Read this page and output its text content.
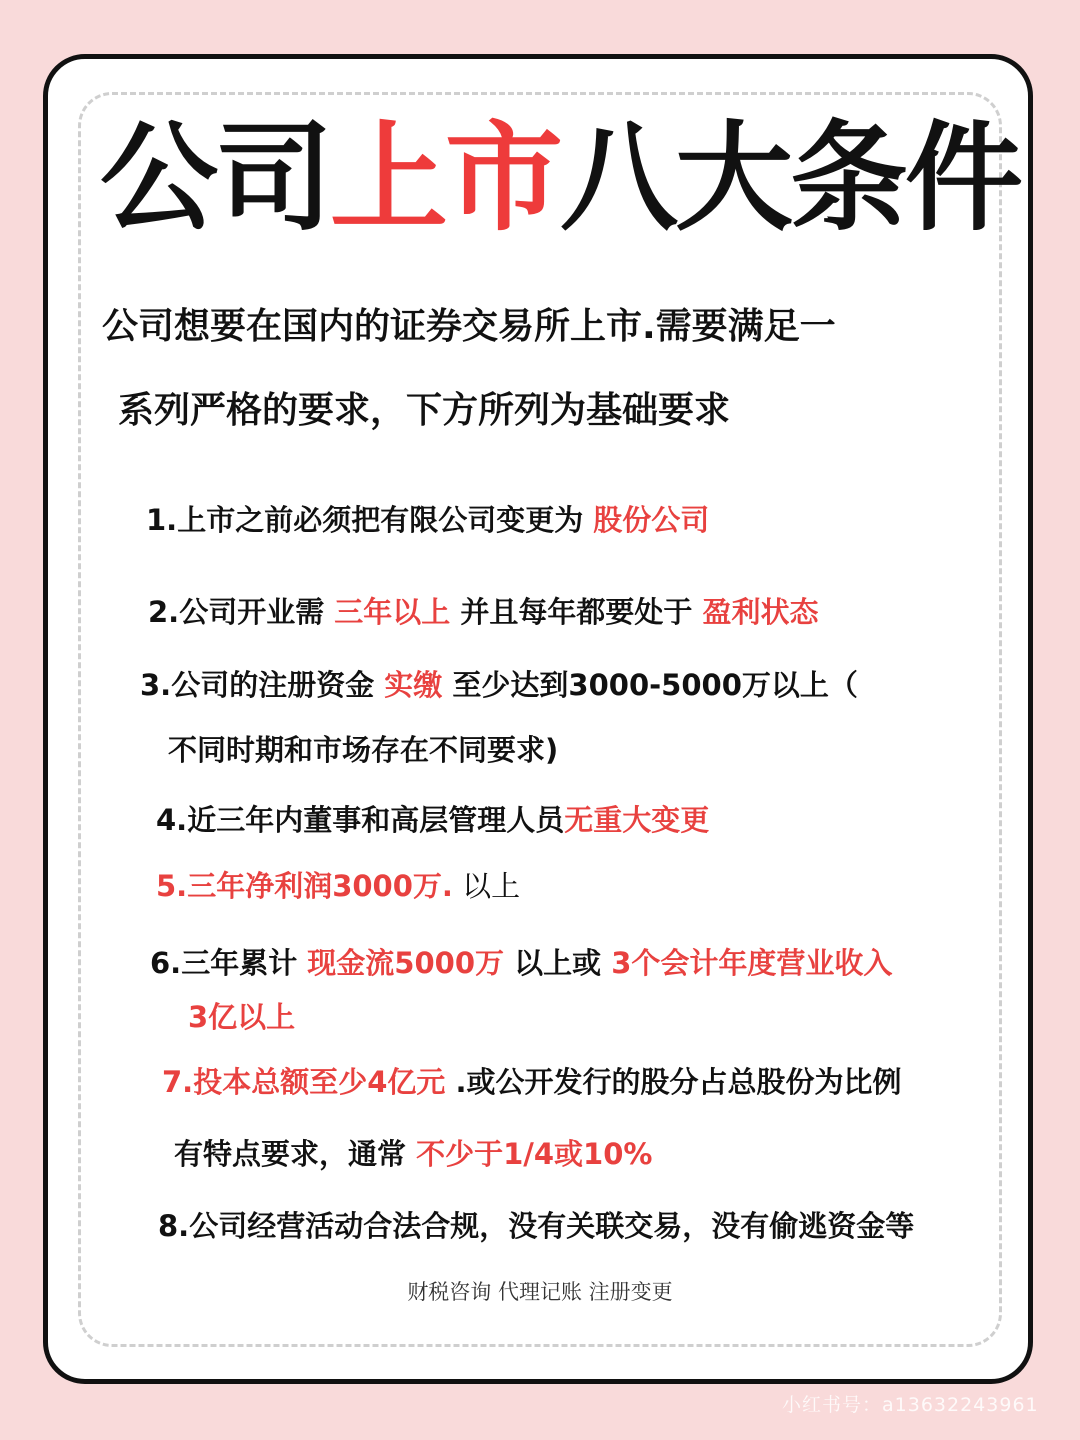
公司上市八大条件
公司想要在国内的证券交易所上市.需要满足一
系列严格的要求，下方所列为基础要求
1.上市之前必须把有限公司变更为 股份公司
2.公司开业需 三年以上 并且每年都要处于 盈利状态
3.公司的注册资金 实缴 至少达到3000-5000万以上（
不同时期和市场存在不同要求)
4.近三年内董事和高层管理人员无重大变更
5.三年净利润3000万. 以上
6.三年累计 现金流5000万 以上或 3个会计年度营业收入
3亿以上
7.投本总额至少4亿元 .或公开发行的股分占总股份为比例
有特点要求，通常 不少于1/4或10%
8.公司经营活动合法合规，没有关联交易，没有偷逃资金等
财税咨询 代理记账 注册变更
小红书号：a13632243961
